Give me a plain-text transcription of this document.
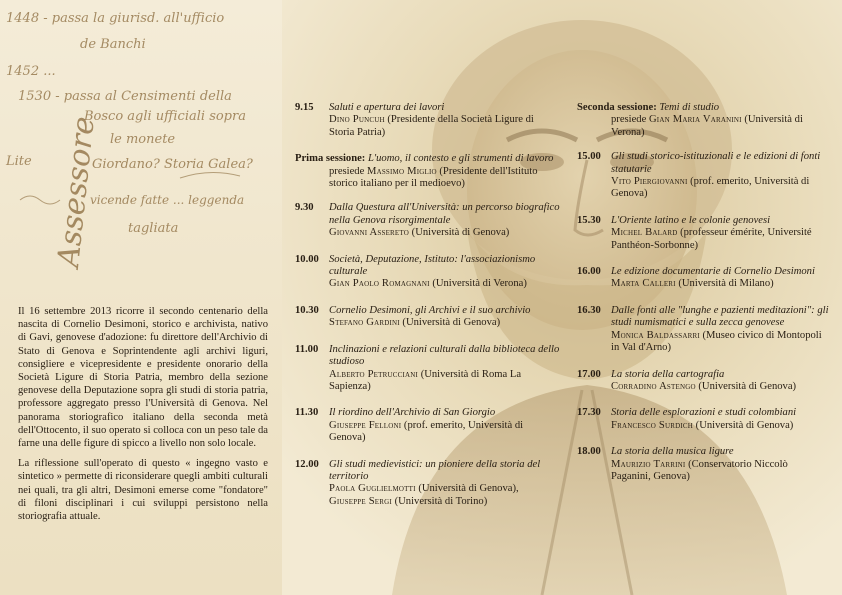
1448 - passa la giurisd. all'ufficio
de Banchi
1452 ...
1530 - passa al Censimenti della
Bosco agli ufficiali sopra
le monete
Lite	Giordano? Storia Galea?
vicende fatte ... leggenda
tagliata
Assessore

Il 16 settembre 2013 ricorre il secondo centenario della nascita di Cornelio Desimoni, storico e archivista, nativo di Gavi, genovese d'adozione: fu direttore dell'Archivio di Stato di Genova e Soprintendente agli archivi liguri, consigliere e vicepresidente e presidente onorario della Società Ligure di Storia Patria, membro della sezione genovese della Deputazione sopra gli studi di storia patria, professore aggregato presso l'Università di Genova. Nel panorama storiografico italiano della seconda metà dell'Ottocento, il suo operato si colloca con un peso tale da farne una delle figure di spicco a livello non solo locale.

La riflessione sull'operato di questo « ingegno vasto e sintetico » permette di riconsiderare quegli ambiti culturali nei quali, tra gli altri, Desimoni emerse come "fondatore" di filoni disciplinari i cui sviluppi persistono nella storiografia attuale.

9.15	Saluti e apertura dei lavori
Dino Puncuh (Presidente della Società Ligure di Storia Patria)
Prima sessione: L'uomo, il contesto e gli strumenti di lavoro
presiede Massimo Miglio (Presidente dell'Istituto storico italiano per il medioevo)
9.30	Dalla Questura all'Università: un percorso biografico nella Genova risorgimentale
Giovanni Assereto (Università di Genova)
10.00 Società, Deputazione, Istituto: l'associazionismo culturale
Gian Paolo Romagnani (Università di Verona)
10.30 Cornelio Desimoni, gli Archivi e il suo archivio
Stefano Gardini (Università di Genova)
11.00	Inclinazioni e relazioni culturali dalla biblioteca dello studioso
Alberto Petrucciani (Università di Roma La Sapienza)
11.30	Il riordino dell'Archivio di San Giorgio
Giuseppe Felloni (prof. emerito, Università di Genova)
12.00 Gli studi medievistici: un pioniere della storia del territorio
Paola Guglielmotti (Università di Genova),
Giuseppe Sergi (Università di Torino)
Seconda sessione: Temi di studio
presiede Gian Maria Varanini (Università di Verona)
15.00 Gli studi storico-istituzionali e le edizioni di fonti statutarie
Vito Piergiovanni (prof. emerito, Università di Genova)
15.30 L'Oriente latino e le colonie genovesi
Michel Balard (professeur émérite, Université Panthéon-Sorbonne)
16.00 Le edizione documentarie di Cornelio Desimoni
Marta Calleri (Università di Milano)
16.30 Dalle fonti alle "lunghe e pazienti meditazioni": gli studi numismatici e sulla zecca genovese
Monica Baldassarri (Museo civico di Montopoli in Val d'Arno)
17.00 La storia della cartografia
Corradino Astengo (Università di Genova)
17.30 Storia delle esplorazioni e studi colombiani
Francesco Surdich (Università di Genova)
18.00 La storia della musica ligure
Maurizio Tarrini (Conservatorio Niccolò Paganini, Genova)
